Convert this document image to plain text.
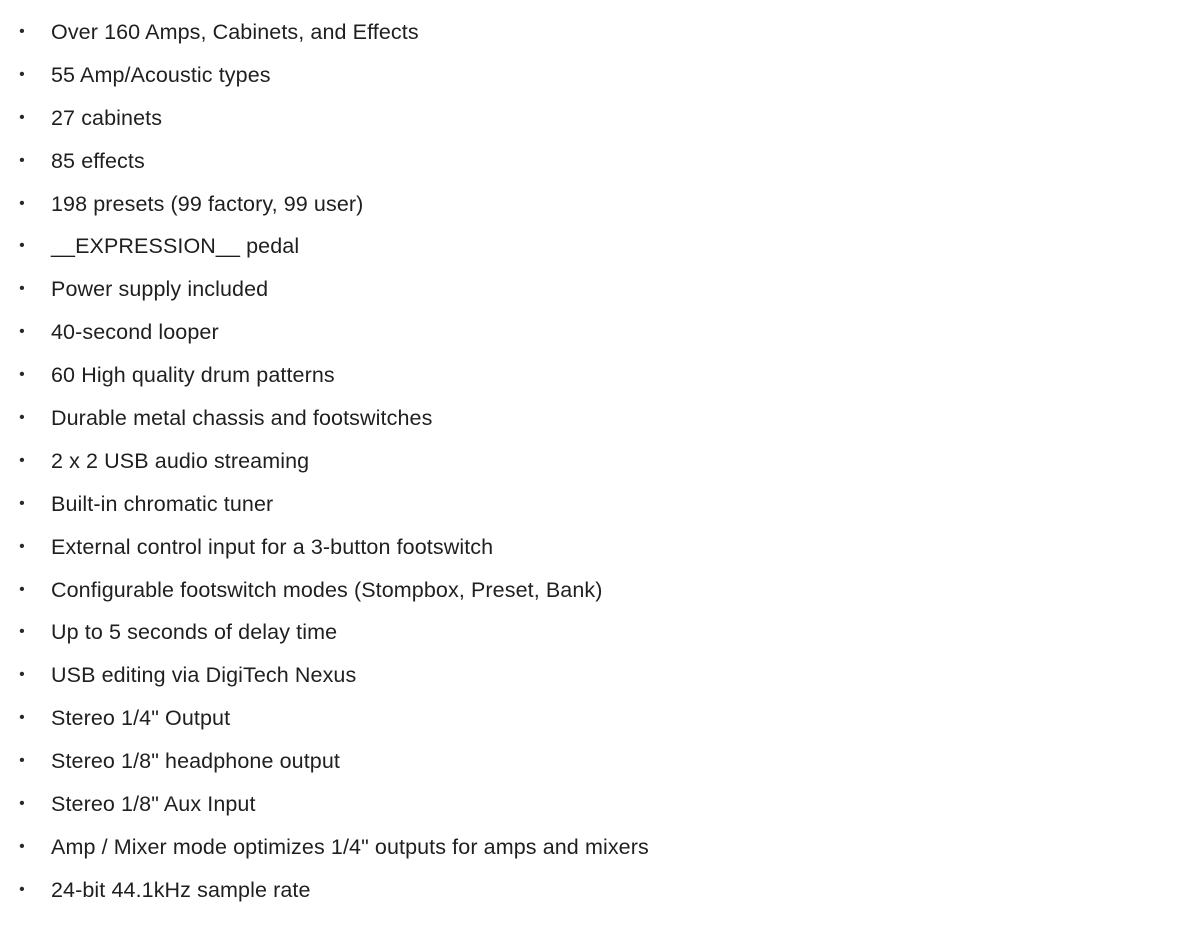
• Over 160 Amps, Cabinets, and Effects
• 55 Amp/Acoustic types
• 27 cabinets
• 85 effects
• 198 presets (99 factory, 99 user)
• __EXPRESSION__ pedal
• Power supply included
• 40-second looper
• 60 High quality drum patterns
• Durable metal chassis and footswitches
• 2 x 2 USB audio streaming
• Built-in chromatic tuner
• External control input for a 3-button footswitch
• Configurable footswitch modes (Stompbox, Preset, Bank)
• Up to 5 seconds of delay time
• USB editing via DigiTech Nexus
• Stereo 1/4" Output
• Stereo 1/8" headphone output
• Stereo 1/8" Aux Input
• Amp / Mixer mode optimizes 1/4" outputs for amps and mixers
• 24-bit 44.1kHz sample rate
